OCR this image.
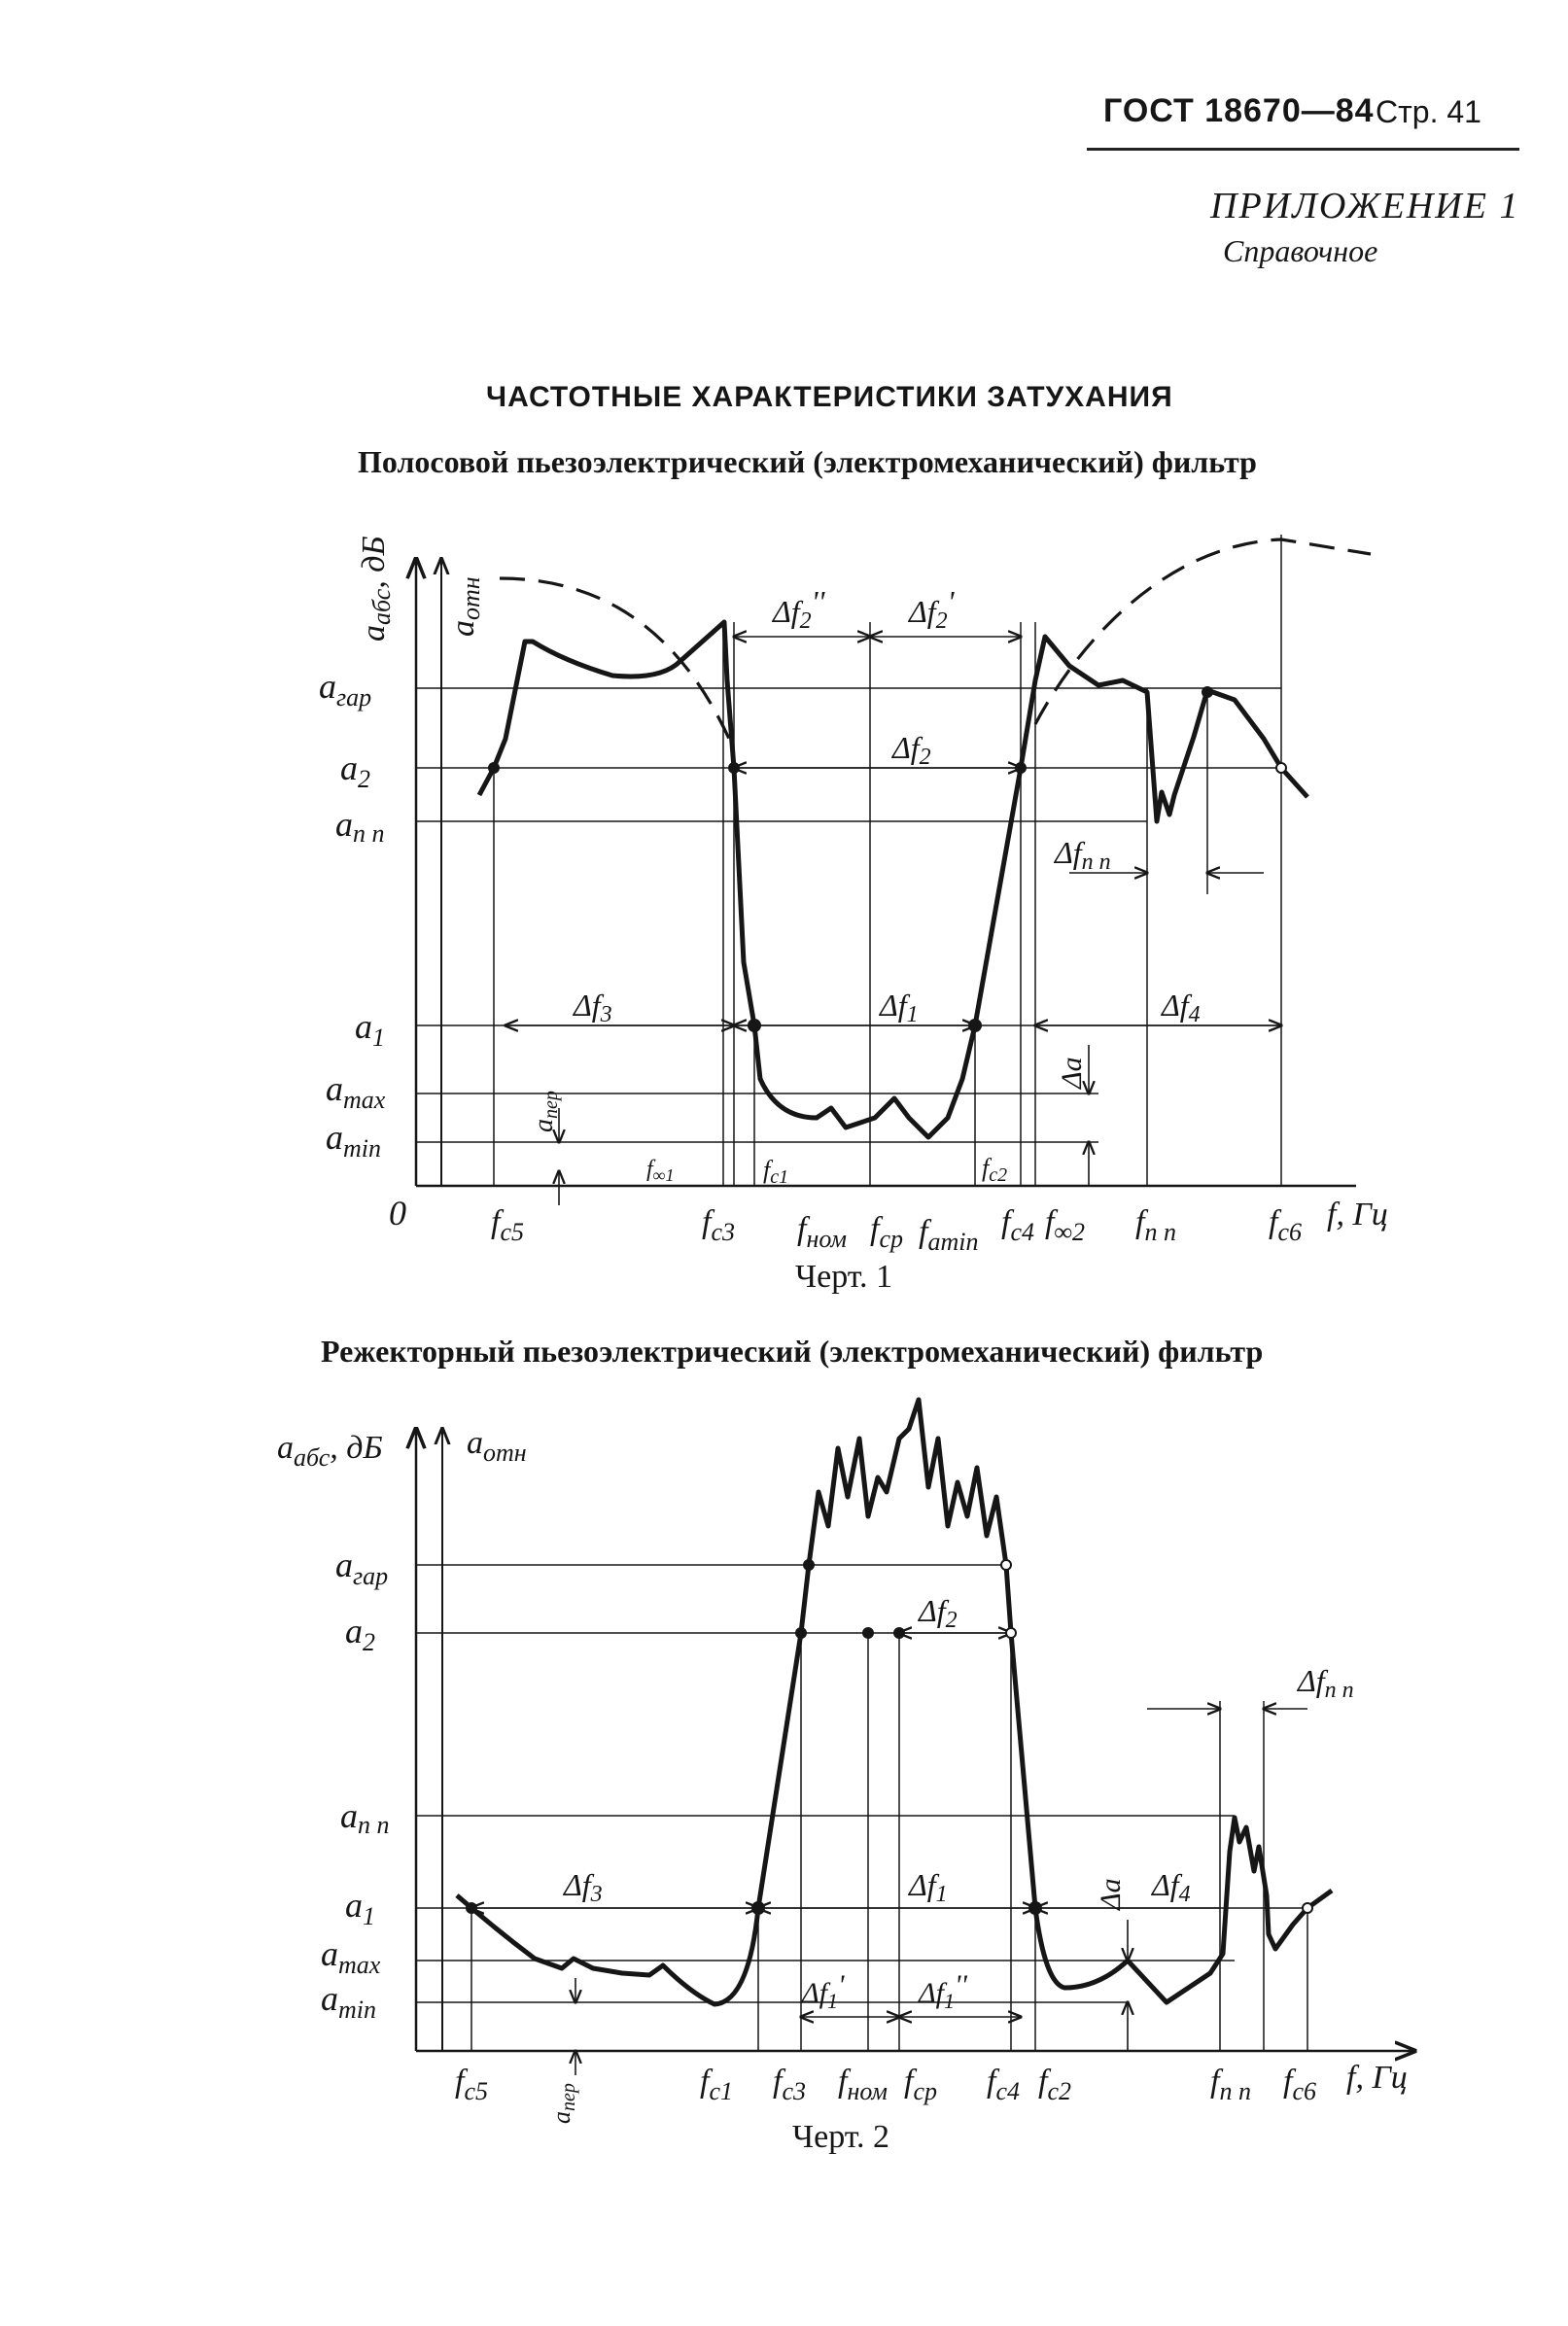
ГОСТ 18670—84 Стр. 41
ПРИЛОЖЕНИЕ 1
Справочное
ЧАСТОТНЫЕ ХАРАКТЕРИСТИКИ ЗАТУХАНИЯ
Полосовой пьезоэлектрический (электромеханический) фильтр
Черт. 1
Режекторный пьезоэлектрический (электромеханический) фильтр
Черт. 2
$a_{гар}$
$a_2$
aп п
$a_1$
$a_{max}$
$a_{min}$
0
aабс, дБ
aотн
aпер
Δa
Δf2''	Δf2'
Δf2
Δfп п
Δf3	Δf1	Δf4
$f_{\infty 1}$	fc1	fc2
$f_{с5}$	$f_{с3}$ $f_{ном}$ $f_{ср}$ $f_{amin}$
$f_{с4}$ $f_{\infty 2}$ $f_{п п}$	$f_{с6}$ f, Гц
$a_{гар}$
$a_2$
aп п
$a_1$
$a_{max}$
$a_{min}$
$a_{абс}$, дБ	$a_{отн}$
aпер
Δa
Δf2
Δf3	Δf1	Δf4
Δfп п
$\Delta f_1'$	$\Delta f_1''$
$f_{с5}$	$f_{с1}$ $f_{с3}$ $f_{ном}$ $f_{ср}$ $f_{с4}$ $f_{с2}$	$f_{п п}$ $f_{с6}$ f, Гц
